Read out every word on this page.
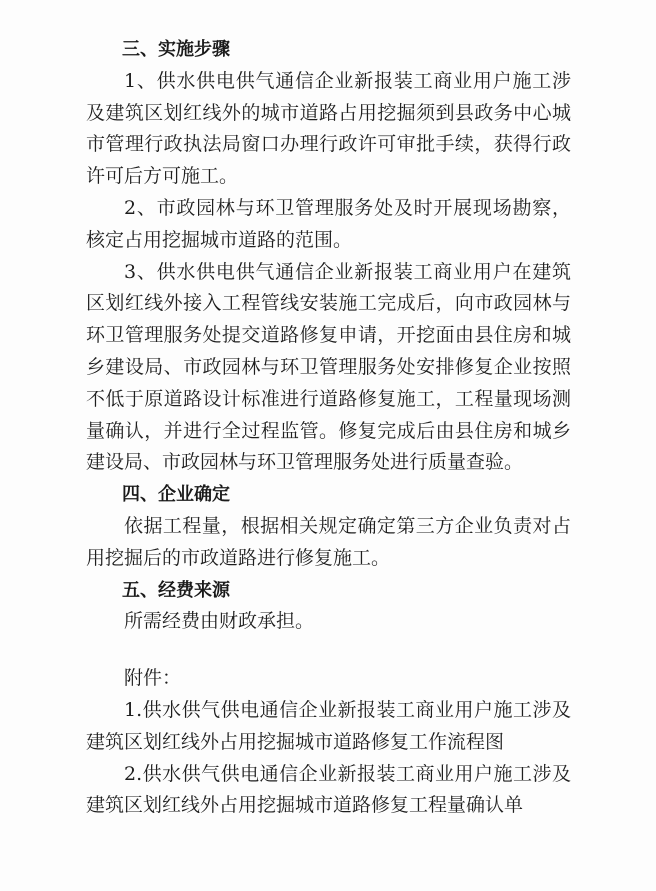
三、实施步骤

1、供水供电供气通信企业新报装工商业用户施工涉及建筑区划红线外的城市道路占用挖掘须到县政务中心城市管理行政执法局窗口办理行政许可审批手续，获得行政许可后方可施工。

2、市政园林与环卫管理服务处及时开展现场勘察，核定占用挖掘城市道路的范围。

3、供水供电供气通信企业新报装工商业用户在建筑区划红线外接入工程管线安装施工完成后，向市政园林与环卫管理服务处提交道路修复申请，开挖面由县住房和城乡建设局、市政园林与环卫管理服务处安排修复企业按照不低于原道路设计标准进行道路修复施工，工程量现场测量确认，并进行全过程监管。修复完成后由县住房和城乡建设局、市政园林与环卫管理服务处进行质量查验。

四、企业确定

依据工程量，根据相关规定确定第三方企业负责对占用挖掘后的市政道路进行修复施工。

五、经费来源

所需经费由财政承担。

附件：

1.供水供气供电通信企业新报装工商业用户施工涉及建筑区划红线外占用挖掘城市道路修复工作流程图

2.供水供气供电通信企业新报装工商业用户施工涉及建筑区划红线外占用挖掘城市道路修复工程量确认单
